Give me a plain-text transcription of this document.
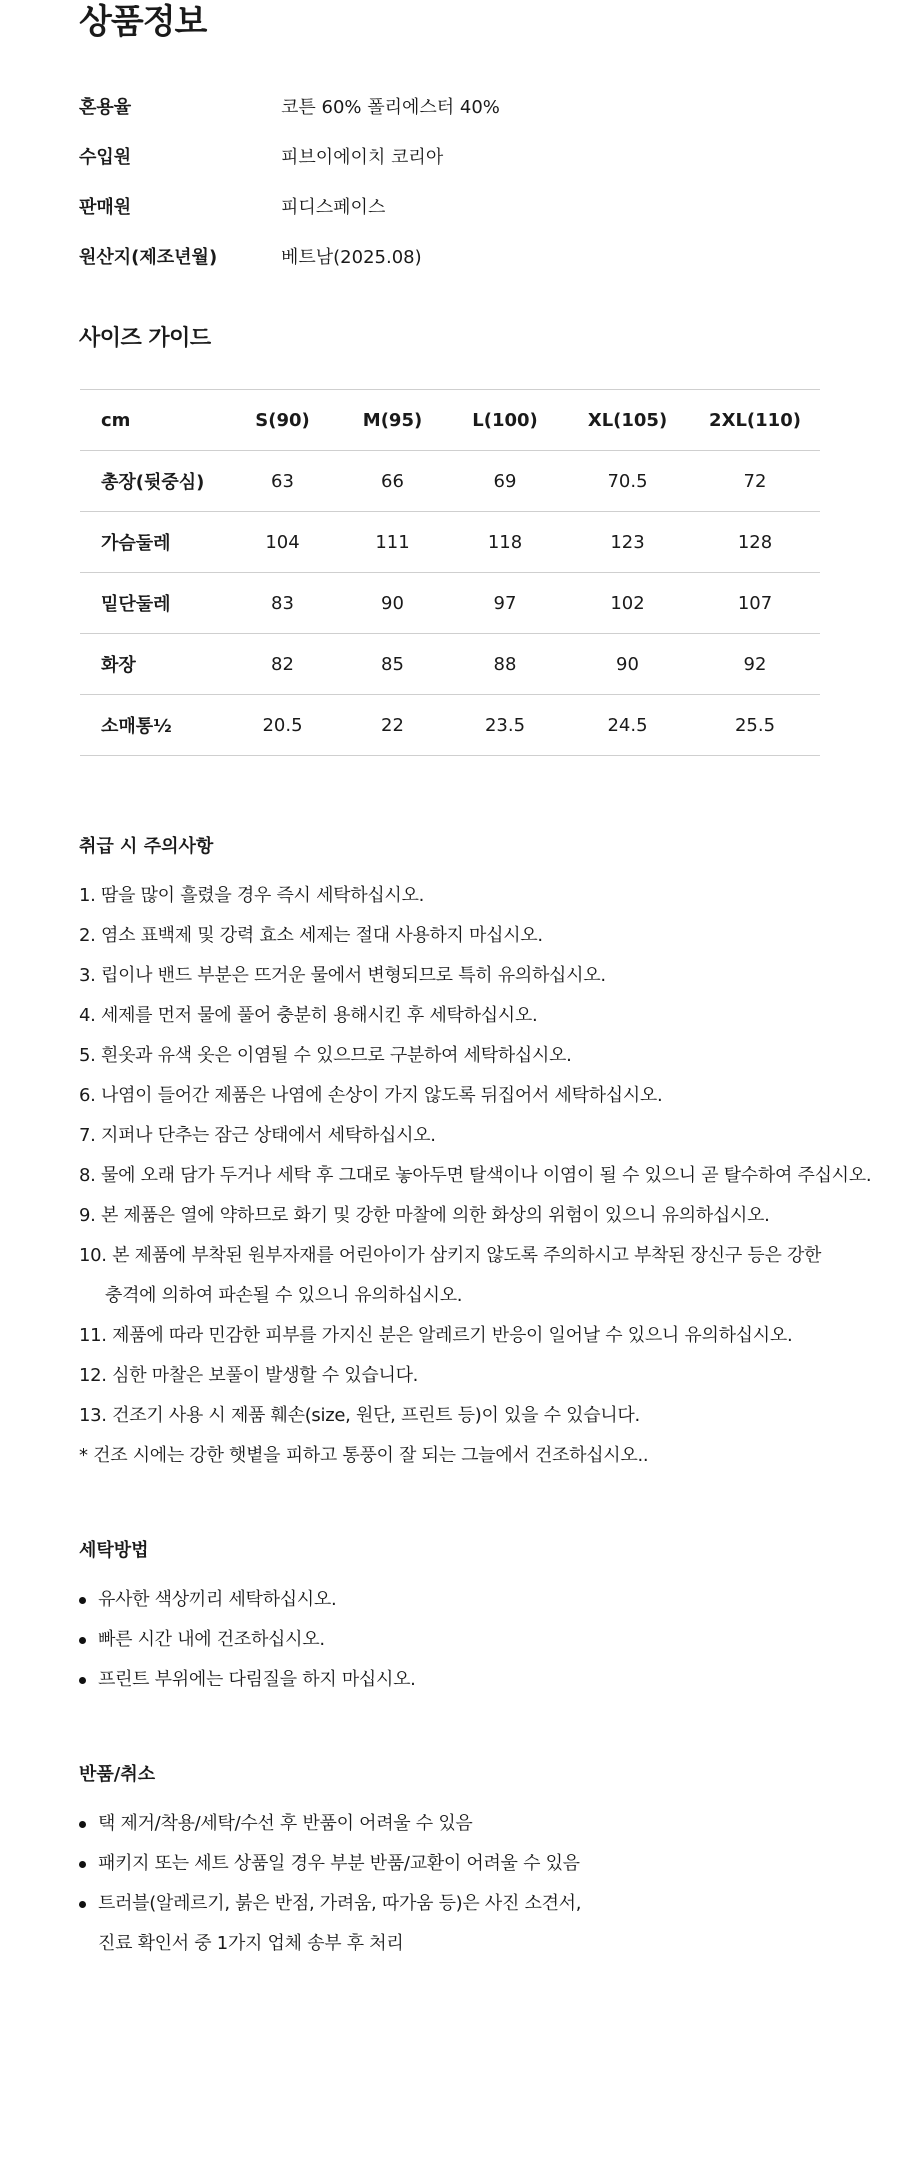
상품정보
혼용율	코튼 60% 폴리에스터 40%
수입원	피브이에이치 코리아
판매원	피디스페이스
원산지(제조년월)	베트남(2025.08)
사이즈 가이드
cm	S(90)	M(95)	L(100)	XL(105)	2XL(110)
총장(뒷중심)	63	66	69	70.5	72
가슴둘레	104	111	118	123	128
밑단둘레	83	90	97	102	107
화장	82	85	88	90	92
소매통½	20.5	22	23.5	24.5	25.5
취급 시 주의사항
1. 땀을 많이 흘렸을 경우 즉시 세탁하십시오.
2. 염소 표백제 및 강력 효소 세제는 절대 사용하지 마십시오.
3. 립이나 밴드 부분은 뜨거운 물에서 변형되므로 특히 유의하십시오.
4. 세제를 먼저 물에 풀어 충분히 용해시킨 후 세탁하십시오.
5. 흰옷과 유색 옷은 이염될 수 있으므로 구분하여 세탁하십시오.
6. 나염이 들어간 제품은 나염에 손상이 가지 않도록 뒤집어서 세탁하십시오.
7. 지퍼나 단추는 잠근 상태에서 세탁하십시오.
8. 물에 오래 담가 두거나 세탁 후 그대로 놓아두면 탈색이나 이염이 될 수 있으니 곧 탈수하여 주십시오.
9. 본 제품은 열에 약하므로 화기 및 강한 마찰에 의한 화상의 위험이 있으니 유의하십시오.
10. 본 제품에 부착된 원부자재를 어린아이가 삼키지 않도록 주의하시고 부착된 장신구 등은 강한
충격에 의하여 파손될 수 있으니 유의하십시오.
11. 제품에 따라 민감한 피부를 가지신 분은 알레르기 반응이 일어날 수 있으니 유의하십시오.
12. 심한 마찰은 보풀이 발생할 수 있습니다.
13. 건조기 사용 시 제품 훼손(size, 원단, 프린트 등)이 있을 수 있습니다.
* 건조 시에는 강한 햇볕을 피하고 통풍이 잘 되는 그늘에서 건조하십시오..
세탁방법
유사한 색상끼리 세탁하십시오.
빠른 시간 내에 건조하십시오.
프린트 부위에는 다림질을 하지 마십시오.
반품/취소
택 제거/착용/세탁/수선 후 반품이 어려울 수 있음
패키지 또는 세트 상품일 경우 부분 반품/교환이 어려울 수 있음
트러블(알레르기, 붉은 반점, 가려움, 따가움 등)은 사진 소견서,
진료 확인서 중 1가지 업체 송부 후 처리
